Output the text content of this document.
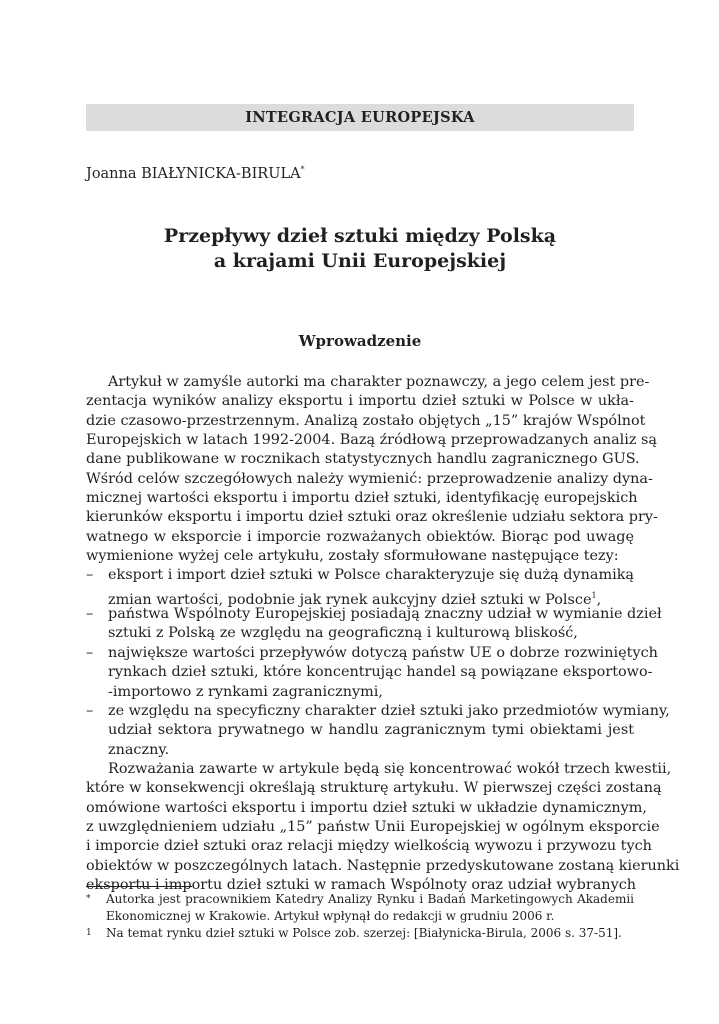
INTEGRACJA EUROPEJSKA
Joanna BIAŁYNICKA-BIRULA*
Przepływy dzieł sztuki między Polską
a krajami Unii Europejskiej
Wprowadzenie
Artykuł w zamyśle autorki ma charakter poznawczy, a jego celem jest pre-
zentacja wyników analizy eksportu i importu dzieł sztuki w Polsce w ukła-
dzie czasowo-przestrzennym. Analizą zostało objętych „15” krajów Wspólnot
Europejskich w latach 1992-2004. Bazą źródłową przeprowadzanych analiz są
dane publikowane w rocznikach statystycznych handlu zagranicznego GUS.
Wśród celów szczegółowych należy wymienić: przeprowadzenie analizy dyna-
micznej wartości eksportu i importu dzieł sztuki, identyfikację europejskich
kierunków eksportu i importu dzieł sztuki oraz określenie udziału sektora pry-
watnego w eksporcie i imporcie rozważanych obiektów. Biorąc pod uwagę
wymienione wyżej cele artykułu, zostały sformułowane następujące tezy:
– eksport i import dzieł sztuki w Polsce charakteryzuje się dużą dynamiką
zmian wartości, podobnie jak rynek aukcyjny dzieł sztuki w Polsce$^1$,
– państwa Wspólnoty Europejskiej posiadają znaczny udział w wymianie dzieł
sztuki z Polską ze względu na geograficzną i kulturową bliskość,
– największe wartości przepływów dotyczą państw UE o dobrze rozwiniętych
rynkach dzieł sztuki, które koncentrując handel są powiązane eksportowo-
-importowo z rynkami zagranicznymi,
– ze względu na specyficzny charakter dzieł sztuki jako przedmiotów wymiany,
udział sektora prywatnego w handlu zagranicznym tymi obiektami jest
znaczny.
Rozważania zawarte w artykule będą się koncentrować wokół trzech kwestii,
które w konsekwencji określają strukturę artykułu. W pierwszej części zostaną
omówione wartości eksportu i importu dzieł sztuki w układzie dynamicznym,
z uwzględnieniem udziału „15” państw Unii Europejskiej w ogólnym eksporcie
i imporcie dzieł sztuki oraz relacji między wielkością wywozu i przywozu tych
obiektów w poszczególnych latach. Następnie przedyskutowane zostaną kierunki
eksportu i importu dzieł sztuki w ramach Wspólnoty oraz udział wybranych
* Autorka jest pracownikiem Katedry Analizy Rynku i Badań Marketingowych Akademii
Ekonomicznej w Krakowie. Artykuł wpłynął do redakcji w grudniu 2006 r.
1 Na temat rynku dzieł sztuki w Polsce zob. szerzej: [Białynicka-Birula, 2006 s. 37-51].
